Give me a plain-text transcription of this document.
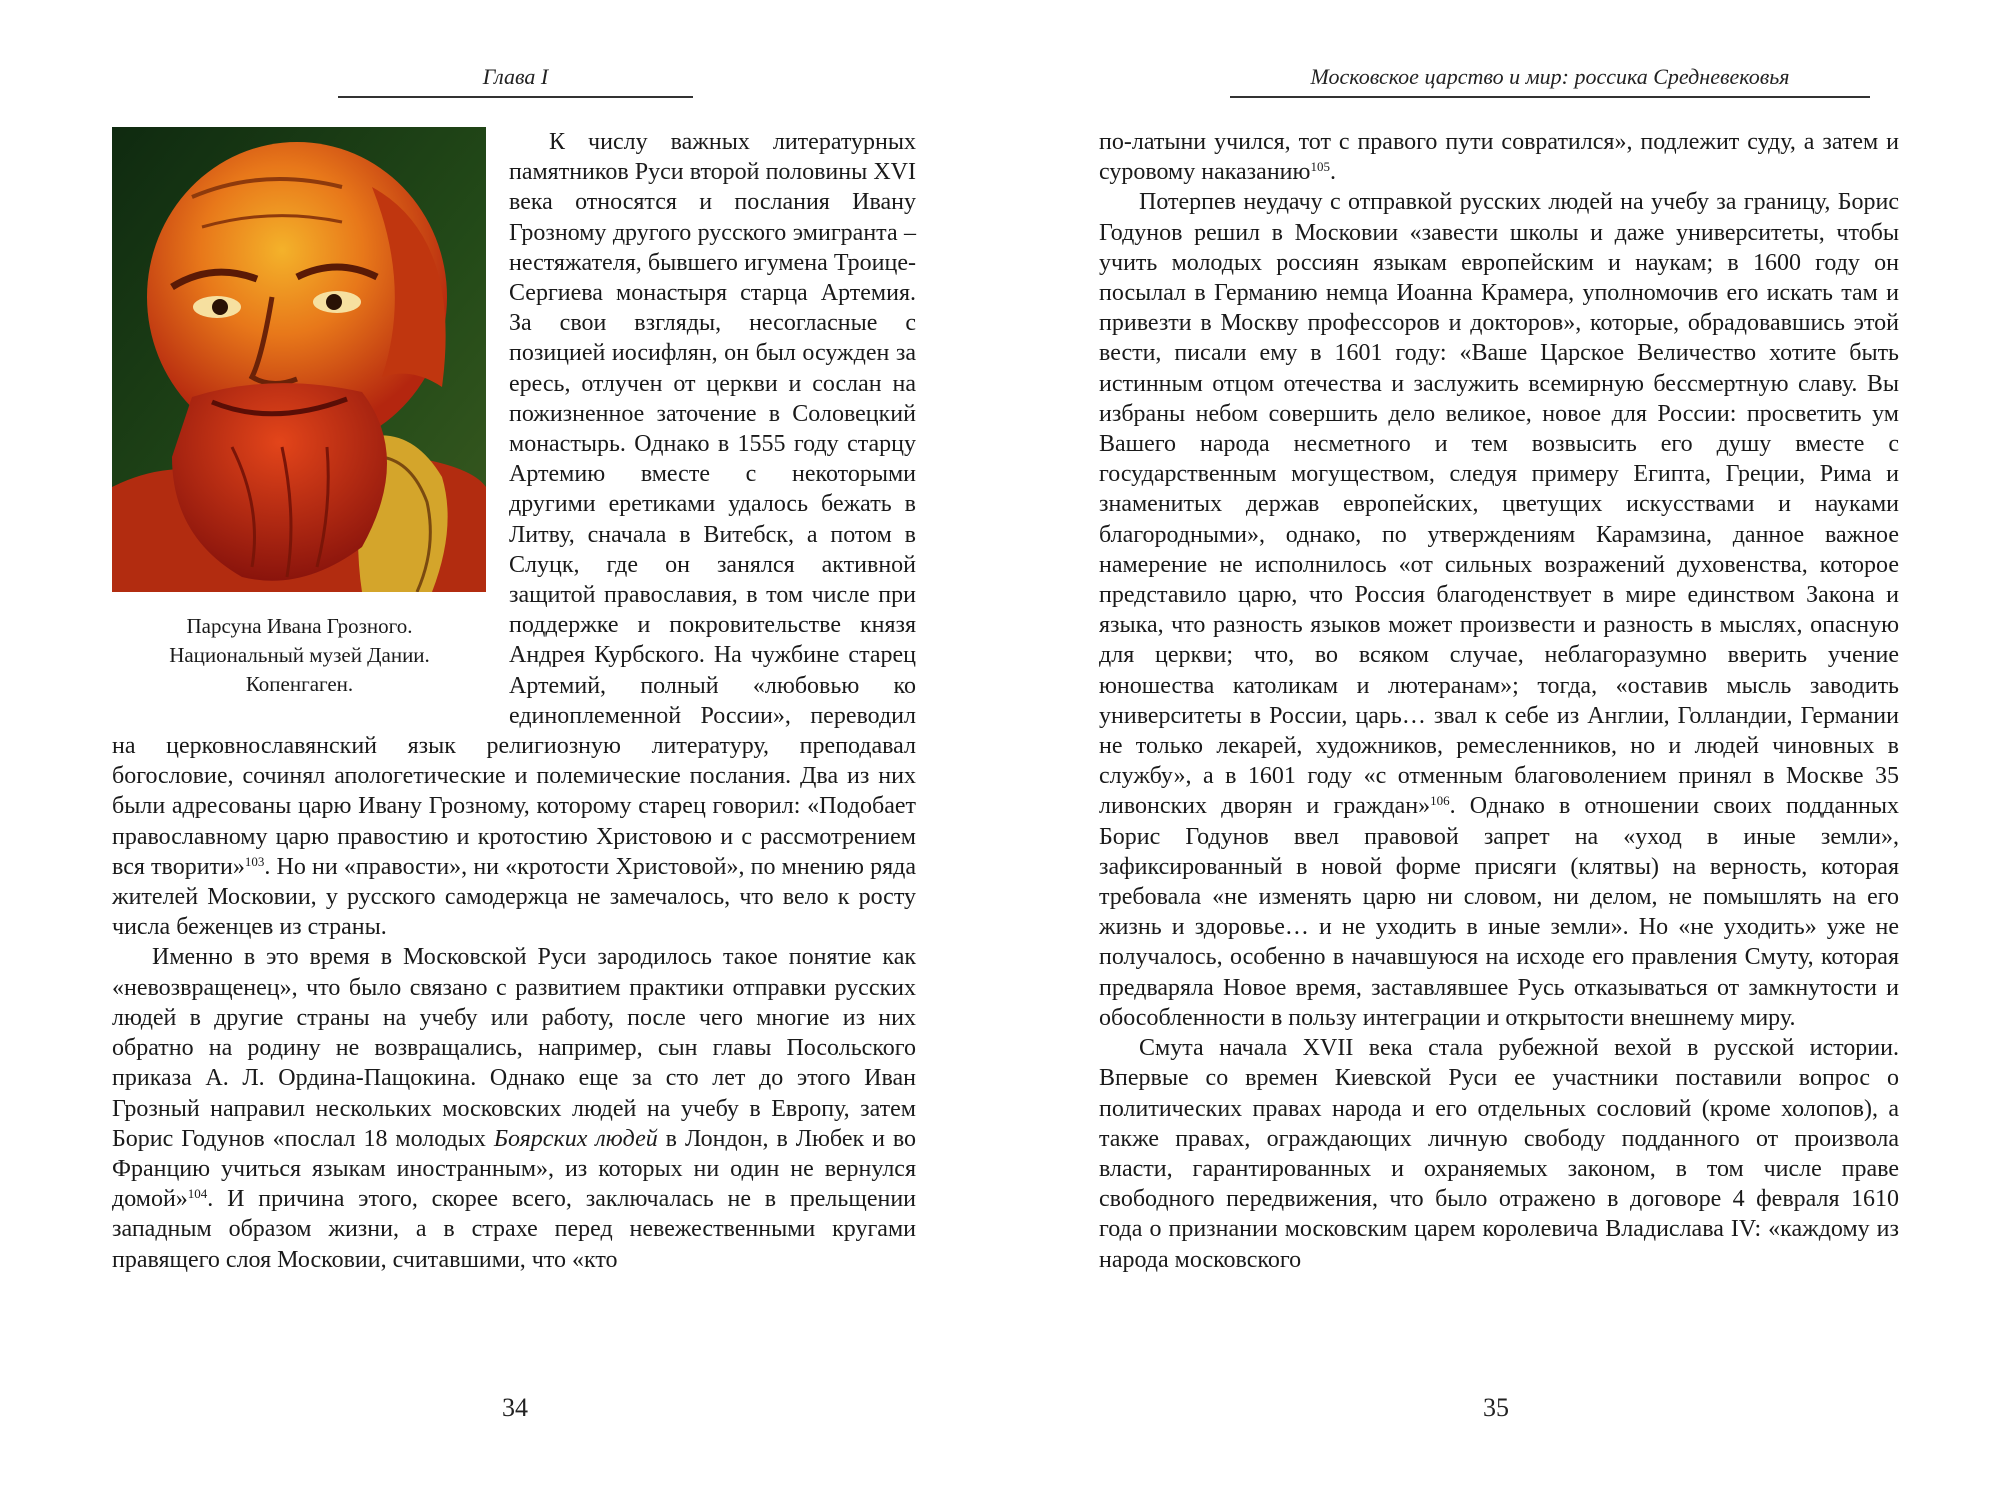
Глава I
Парсуна Ивана Грозного.
Национальный музей Дании.
Копенгаген.

К числу важных литературных памятников Руси второй половины XVI века относятся и послания Ивану Грозному другого русского эмигранта – нестяжателя, бывшего игумена Троице-Сергиева монастыря старца Артемия. За свои взгляды, несогласные с позицией иосифлян, он был осужден за ересь, отлучен от церкви и сослан на пожизненное заточение в Соловецкий монастырь. Однако в 1555 году старцу Артемию вместе с некоторыми другими еретиками удалось бежать в Литву, сначала в Витебск, а потом в Слуцк, где он занялся активной защитой православия, в том числе при поддержке и покровительстве князя Андрея Курбского. На чужбине старец Артемий, полный «любовью ко единоплеменной России», переводил на церковнославянский язык религиозную литературу, преподавал богословие, сочинял апологетические и полемические послания. Два из них были адресованы царю Ивану Грозному, которому старец говорил: «Подобает православному царю правостию и кротостию Христовою и с рассмотрением вся творити»$^{103}$. Но ни «правости», ни «кротости Христовой», по мнению ряда жителей Московии, у русского самодержца не замечалось, что вело к росту числа беженцев из страны.

Именно в это время в Московской Руси зародилось такое понятие как «невозвращенец», что было связано с развитием практики отправки русских людей в другие страны на учебу или работу, после чего многие из них обратно на родину не возвращались, например, сын главы Посольского приказа А. Л. Ордина-Пащокина. Однако еще за сто лет до этого Иван Грозный направил нескольких московских людей на учебу в Европу, затем Борис Годунов «послал 18 молодых Боярских людей в Лондон, в Любек и во Францию учиться языкам иностранным», из которых ни один не вернулся домой»$^{104}$. И причина этого, скорее всего, заключалась не в прельщении западным образом жизни, а в страхе перед невежественными кругами правящего слоя Московии, считавшими, что «кто

34
Московское царство и мир: россика Средневековья

по-латыни учился, тот с правого пути совратился», подлежит суду, а затем и суровому наказанию$^{105}$.

Потерпев неудачу с отправкой русских людей на учебу за границу, Борис Годунов решил в Московии «завести школы и даже университеты, чтобы учить молодых россиян языкам европейским и наукам; в 1600 году он посылал в Германию немца Иоанна Крамера, уполномочив его искать там и привезти в Москву профессоров и докторов», которые, обрадовавшись этой вести, писали ему в 1601 году: «Ваше Царское Величество хотите быть истинным отцом отечества и заслужить всемирную бессмертную славу. Вы избраны небом совершить дело великое, новое для России: просветить ум Вашего народа несметного и тем возвысить его душу вместе с государственным могуществом, следуя примеру Египта, Греции, Рима и знаменитых держав европейских, цветущих искусствами и науками благородными», однако, по утверждениям Карамзина, данное важное намерение не исполнилось «от сильных возражений духовенства, которое представило царю, что Россия благоденствует в мире единством Закона и языка, что разность языков может произвести и разность в мыслях, опасную для церкви; что, во всяком случае, неблагоразумно вверить учение юношества католикам и лютеранам»; тогда, «оставив мысль заводить университеты в России, царь… звал к себе из Англии, Голландии, Германии не только лекарей, художников, ремесленников, но и людей чиновных в службу», а в 1601 году «с отменным благоволением принял в Москве 35 ливонских дворян и граждан»$^{106}$. Однако в отношении своих подданных Борис Годунов ввел правовой запрет на «уход в иные земли», зафиксированный в новой форме присяги (клятвы) на верность, которая требовала «не изменять царю ни словом, ни делом, не помышлять на его жизнь и здоровье… и не уходить в иные земли». Но «не уходить» уже не получалось, особенно в начавшуюся на исходе его правления Смуту, которая предваряла Новое время, заставлявшее Русь отказываться от замкнутости и обособленности в пользу интеграции и открытости внешнему миру.

Смута начала XVII века стала рубежной вехой в русской истории. Впервые со времен Киевской Руси ее участники поставили вопрос о политических правах народа и его отдельных сословий (кроме холопов), а также правах, ограждающих личную свободу подданного от произвола власти, гарантированных и охраняемых законом, в том числе праве свободного передвижения, что было отражено в договоре 4 февраля 1610 года о признании московским царем королевича Владислава IV: «каждому из народа московского

35
